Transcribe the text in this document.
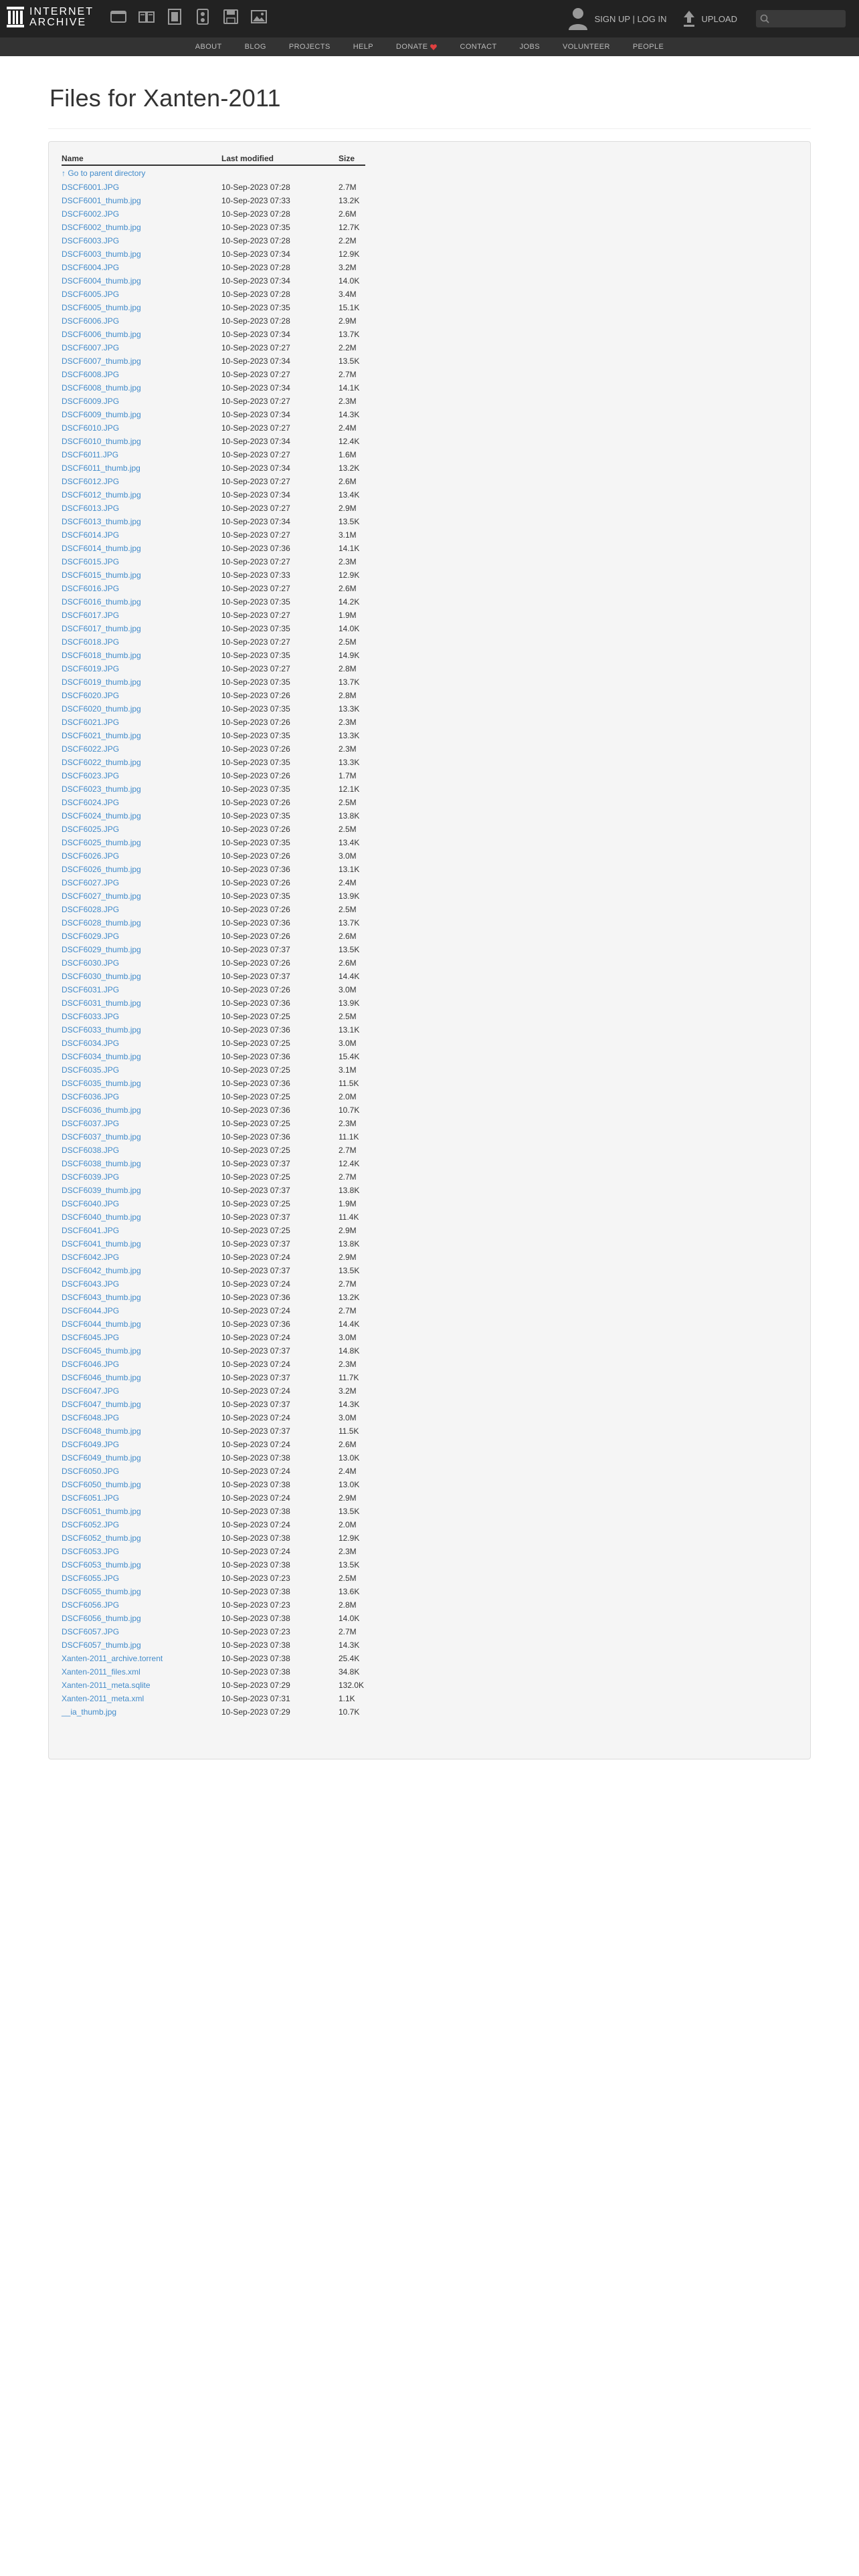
INTERNET
ARCHIVE	SIGN UP | LOG IN	UPLOAD
ABOUT	BLOG	PROJECTS	HELP	DONATE	CONTACT	JOBS	VOLUNTEER	PEOPLE
Files for Xanten-2011
Name	Last modified	Size
↑ Go to parent directory		
DSCF6001.JPG	10-Sep-2023 07:28	2.7M
DSCF6001_thumb.jpg	10-Sep-2023 07:33	13.2K
DSCF6002.JPG	10-Sep-2023 07:28	2.6M
DSCF6002_thumb.jpg	10-Sep-2023 07:35	12.7K
DSCF6003.JPG	10-Sep-2023 07:28	2.2M
DSCF6003_thumb.jpg	10-Sep-2023 07:34	12.9K
DSCF6004.JPG	10-Sep-2023 07:28	3.2M
DSCF6004_thumb.jpg	10-Sep-2023 07:34	14.0K
DSCF6005.JPG	10-Sep-2023 07:28	3.4M
DSCF6005_thumb.jpg	10-Sep-2023 07:35	15.1K
DSCF6006.JPG	10-Sep-2023 07:28	2.9M
DSCF6006_thumb.jpg	10-Sep-2023 07:34	13.7K
DSCF6007.JPG	10-Sep-2023 07:27	2.2M
DSCF6007_thumb.jpg	10-Sep-2023 07:34	13.5K
DSCF6008.JPG	10-Sep-2023 07:27	2.7M
DSCF6008_thumb.jpg	10-Sep-2023 07:34	14.1K
DSCF6009.JPG	10-Sep-2023 07:27	2.3M
DSCF6009_thumb.jpg	10-Sep-2023 07:34	14.3K
DSCF6010.JPG	10-Sep-2023 07:27	2.4M
DSCF6010_thumb.jpg	10-Sep-2023 07:34	12.4K
DSCF6011.JPG	10-Sep-2023 07:27	1.6M
DSCF6011_thumb.jpg	10-Sep-2023 07:34	13.2K
DSCF6012.JPG	10-Sep-2023 07:27	2.6M
DSCF6012_thumb.jpg	10-Sep-2023 07:34	13.4K
DSCF6013.JPG	10-Sep-2023 07:27	2.9M
DSCF6013_thumb.jpg	10-Sep-2023 07:34	13.5K
DSCF6014.JPG	10-Sep-2023 07:27	3.1M
DSCF6014_thumb.jpg	10-Sep-2023 07:36	14.1K
DSCF6015.JPG	10-Sep-2023 07:27	2.3M
DSCF6015_thumb.jpg	10-Sep-2023 07:33	12.9K
DSCF6016.JPG	10-Sep-2023 07:27	2.6M
DSCF6016_thumb.jpg	10-Sep-2023 07:35	14.2K
DSCF6017.JPG	10-Sep-2023 07:27	1.9M
DSCF6017_thumb.jpg	10-Sep-2023 07:35	14.0K
DSCF6018.JPG	10-Sep-2023 07:27	2.5M
DSCF6018_thumb.jpg	10-Sep-2023 07:35	14.9K
DSCF6019.JPG	10-Sep-2023 07:27	2.8M
DSCF6019_thumb.jpg	10-Sep-2023 07:35	13.7K
DSCF6020.JPG	10-Sep-2023 07:26	2.8M
DSCF6020_thumb.jpg	10-Sep-2023 07:35	13.3K
DSCF6021.JPG	10-Sep-2023 07:26	2.3M
DSCF6021_thumb.jpg	10-Sep-2023 07:35	13.3K
DSCF6022.JPG	10-Sep-2023 07:26	2.3M
DSCF6022_thumb.jpg	10-Sep-2023 07:35	13.3K
DSCF6023.JPG	10-Sep-2023 07:26	1.7M
DSCF6023_thumb.jpg	10-Sep-2023 07:35	12.1K
DSCF6024.JPG	10-Sep-2023 07:26	2.5M
DSCF6024_thumb.jpg	10-Sep-2023 07:35	13.8K
DSCF6025.JPG	10-Sep-2023 07:26	2.5M
DSCF6025_thumb.jpg	10-Sep-2023 07:35	13.4K
DSCF6026.JPG	10-Sep-2023 07:26	3.0M
DSCF6026_thumb.jpg	10-Sep-2023 07:36	13.1K
DSCF6027.JPG	10-Sep-2023 07:26	2.4M
DSCF6027_thumb.jpg	10-Sep-2023 07:35	13.9K
DSCF6028.JPG	10-Sep-2023 07:26	2.5M
DSCF6028_thumb.jpg	10-Sep-2023 07:36	13.7K
DSCF6029.JPG	10-Sep-2023 07:26	2.6M
DSCF6029_thumb.jpg	10-Sep-2023 07:37	13.5K
DSCF6030.JPG	10-Sep-2023 07:26	2.6M
DSCF6030_thumb.jpg	10-Sep-2023 07:37	14.4K
DSCF6031.JPG	10-Sep-2023 07:26	3.0M
DSCF6031_thumb.jpg	10-Sep-2023 07:36	13.9K
DSCF6033.JPG	10-Sep-2023 07:25	2.5M
DSCF6033_thumb.jpg	10-Sep-2023 07:36	13.1K
DSCF6034.JPG	10-Sep-2023 07:25	3.0M
DSCF6034_thumb.jpg	10-Sep-2023 07:36	15.4K
DSCF6035.JPG	10-Sep-2023 07:25	3.1M
DSCF6035_thumb.jpg	10-Sep-2023 07:36	11.5K
DSCF6036.JPG	10-Sep-2023 07:25	2.0M
DSCF6036_thumb.jpg	10-Sep-2023 07:36	10.7K
DSCF6037.JPG	10-Sep-2023 07:25	2.3M
DSCF6037_thumb.jpg	10-Sep-2023 07:36	11.1K
DSCF6038.JPG	10-Sep-2023 07:25	2.7M
DSCF6038_thumb.jpg	10-Sep-2023 07:37	12.4K
DSCF6039.JPG	10-Sep-2023 07:25	2.7M
DSCF6039_thumb.jpg	10-Sep-2023 07:37	13.8K
DSCF6040.JPG	10-Sep-2023 07:25	1.9M
DSCF6040_thumb.jpg	10-Sep-2023 07:37	11.4K
DSCF6041.JPG	10-Sep-2023 07:25	2.9M
DSCF6041_thumb.jpg	10-Sep-2023 07:37	13.8K
DSCF6042.JPG	10-Sep-2023 07:24	2.9M
DSCF6042_thumb.jpg	10-Sep-2023 07:37	13.5K
DSCF6043.JPG	10-Sep-2023 07:24	2.7M
DSCF6043_thumb.jpg	10-Sep-2023 07:36	13.2K
DSCF6044.JPG	10-Sep-2023 07:24	2.7M
DSCF6044_thumb.jpg	10-Sep-2023 07:36	14.4K
DSCF6045.JPG	10-Sep-2023 07:24	3.0M
DSCF6045_thumb.jpg	10-Sep-2023 07:37	14.8K
DSCF6046.JPG	10-Sep-2023 07:24	2.3M
DSCF6046_thumb.jpg	10-Sep-2023 07:37	11.7K
DSCF6047.JPG	10-Sep-2023 07:24	3.2M
DSCF6047_thumb.jpg	10-Sep-2023 07:37	14.3K
DSCF6048.JPG	10-Sep-2023 07:24	3.0M
DSCF6048_thumb.jpg	10-Sep-2023 07:37	11.5K
DSCF6049.JPG	10-Sep-2023 07:24	2.6M
DSCF6049_thumb.jpg	10-Sep-2023 07:38	13.0K
DSCF6050.JPG	10-Sep-2023 07:24	2.4M
DSCF6050_thumb.jpg	10-Sep-2023 07:38	13.0K
DSCF6051.JPG	10-Sep-2023 07:24	2.9M
DSCF6051_thumb.jpg	10-Sep-2023 07:38	13.5K
DSCF6052.JPG	10-Sep-2023 07:24	2.0M
DSCF6052_thumb.jpg	10-Sep-2023 07:38	12.9K
DSCF6053.JPG	10-Sep-2023 07:24	2.3M
DSCF6053_thumb.jpg	10-Sep-2023 07:38	13.5K
DSCF6055.JPG	10-Sep-2023 07:23	2.5M
DSCF6055_thumb.jpg	10-Sep-2023 07:38	13.6K
DSCF6056.JPG	10-Sep-2023 07:23	2.8M
DSCF6056_thumb.jpg	10-Sep-2023 07:38	14.0K
DSCF6057.JPG	10-Sep-2023 07:23	2.7M
DSCF6057_thumb.jpg	10-Sep-2023 07:38	14.3K
Xanten-2011_archive.torrent	10-Sep-2023 07:38	25.4K
Xanten-2011_files.xml	10-Sep-2023 07:38	34.8K
Xanten-2011_meta.sqlite	10-Sep-2023 07:29	132.0K
Xanten-2011_meta.xml	10-Sep-2023 07:31	1.1K
__ia_thumb.jpg	10-Sep-2023 07:29	10.7K
